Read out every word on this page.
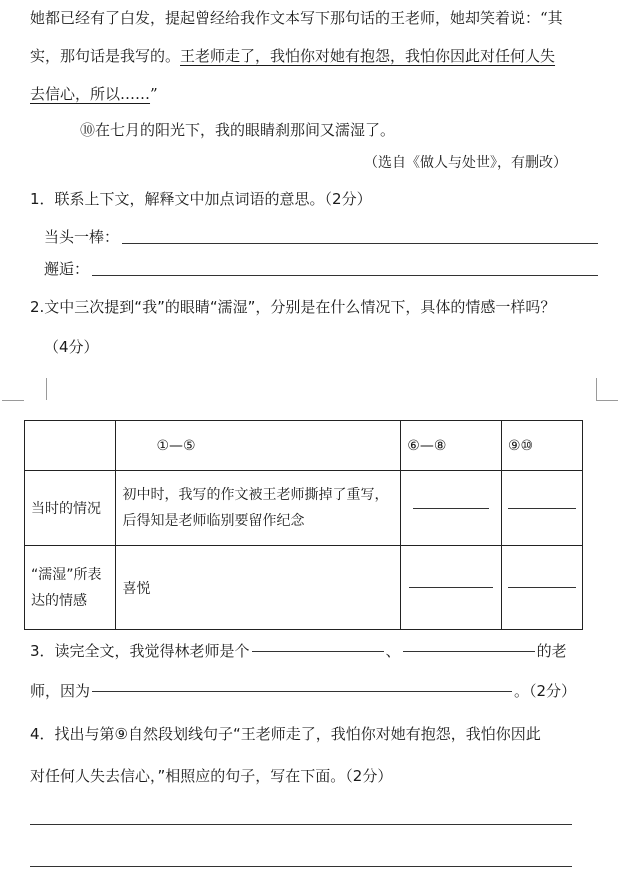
她都已经有了白发，提起曾经给我作文本写下那句话的王老师，她却笑着说：“其
实，那句话是我写的。王老师走了，我怕你对她有抱怨，我怕你因此对任何人失
去信心，所以……”
⑩在七月的阳光下，我的眼睛刹那间又濡湿了。
（选自《做人与处世》，有删改）
1．联系上下文，解释文中加点词语的意思。（2分）
当头一棒：
邂逅：
2.文中三次提到“我”的眼睛“濡湿”，分别是在什么情况下，具体的情感一样吗？
（4分）
	①—⑤	⑥—⑧	⑨⑩
当时的情况	初中时，我写的作文被王老师撕掉了重写，后得知是老师临别要留作纪念		
“濡湿”所表达的情感	喜悦		
3．读完全文，我觉得林老师是个	、	的老
师，因为	。（2分）
4．找出与第⑨自然段划线句子“王老师走了，我怕你对她有抱怨，我怕你因此
对任何人失去信心，”相照应的句子，写在下面。（2分）
